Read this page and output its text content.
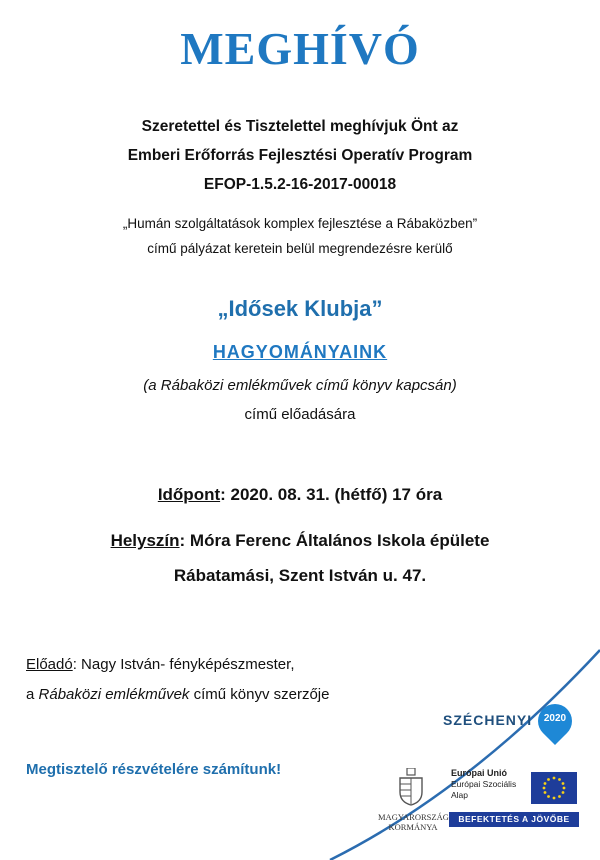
MEGHÍVÓ
Szeretettel és Tisztelettel meghívjuk Önt az
Emberi Erőforrás Fejlesztési Operatív Program
EFOP-1.5.2-16-2017-00018
„Humán szolgáltatások komplex fejlesztése a Rábaközben”
című pályázat keretein belül megrendezésre kerülő
„Idősek Klubja”
HAGYOMÁNYAINK
(a Rábaközi emlékművek című könyv kapcsán)
című előadására
Időpont: 2020. 08. 31. (hétfő) 17 óra
Helyszín: Móra Ferenc Általános Iskola épülete
Rábatamási, Szent István u. 47.
Előadó: Nagy István- fényképészmester,
a Rábaközi emlékművek című könyv szerzője
Megtisztelő részvételére számítunk!
SZÉCHENYI	2020
MAGYARORSZÁG
KORMÁNYA
Európai Unió
Európai Szociális
Alap
BEFEKTETÉS A JÖVŐBE
